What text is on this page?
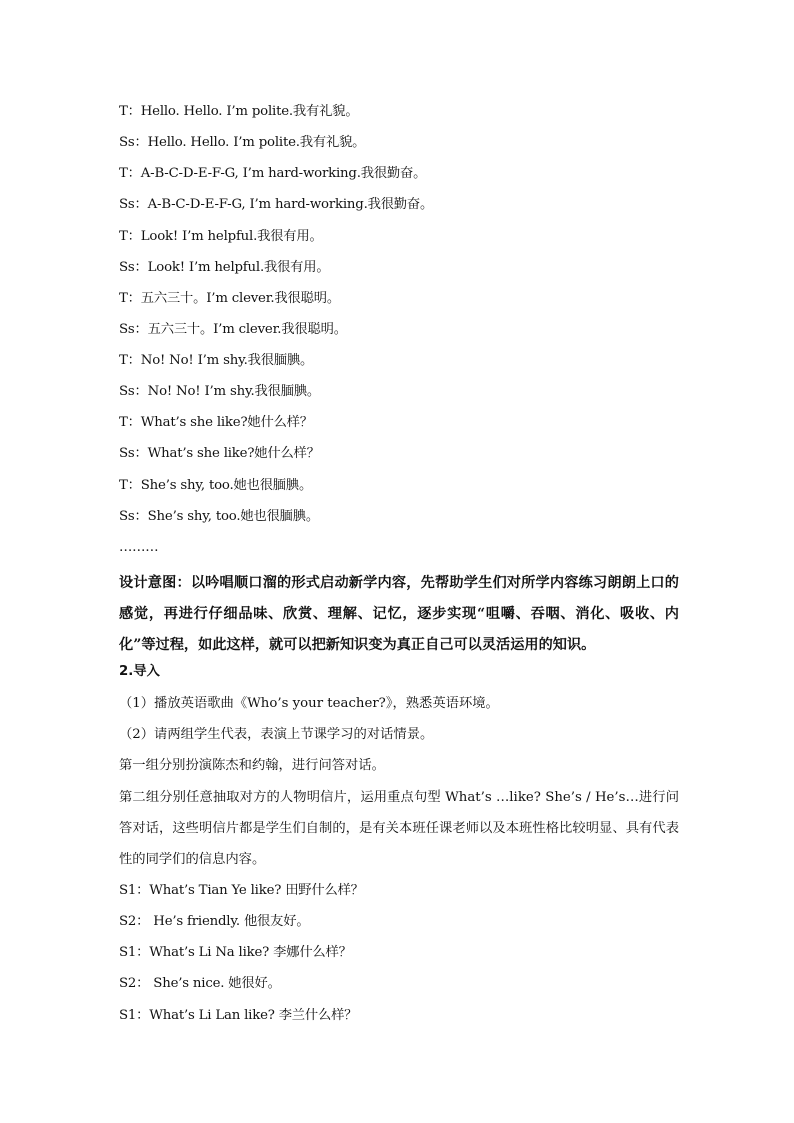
T：Hello. Hello. I’m polite.我有礼貌。
Ss：Hello. Hello. I’m polite.我有礼貌。
T：A-B-C-D-E-F-G, I’m hard-working.我很勤奋。
Ss：A-B-C-D-E-F-G, I’m hard-working.我很勤奋。
T：Look! I’m helpful.我很有用。
Ss：Look! I’m helpful.我很有用。
T：五六三十。I’m clever.我很聪明。
Ss：五六三十。I’m clever.我很聪明。
T：No! No! I’m shy.我很腼腆。
Ss：No! No! I’m shy.我很腼腆。
T：What’s she like?她什么样？
Ss：What’s she like?她什么样？
T：She’s shy, too.她也很腼腆。
Ss：She’s shy, too.她也很腼腆。
………
设计意图：以吟唱顺口溜的形式启动新学内容，先帮助学生们对所学内容练习朗朗上口的感觉，再进行仔细品味、欣赏、理解、记忆，逐步实现“咀嚼、吞咽、消化、吸收、内化”等过程，如此这样，就可以把新知识变为真正自己可以灵活运用的知识。
2.导入
（1）播放英语歌曲《Who’s your teacher?》，熟悉英语环境。
（2）请两组学生代表，表演上节课学习的对话情景。
第一组分别扮演陈杰和约翰，进行问答对话。
第二组分别任意抽取对方的人物明信片，运用重点句型 What’s …like? She’s / He’s…进行问答对话，这些明信片都是学生们自制的，是有关本班任课老师以及本班性格比较明显、具有代表性的同学们的信息内容。
S1：What’s Tian Ye like? 田野什么样？
S2： He’s friendly. 他很友好。
S1：What’s Li Na like? 李娜什么样？
S2： She’s nice. 她很好。
S1：What’s Li Lan like? 李兰什么样？
